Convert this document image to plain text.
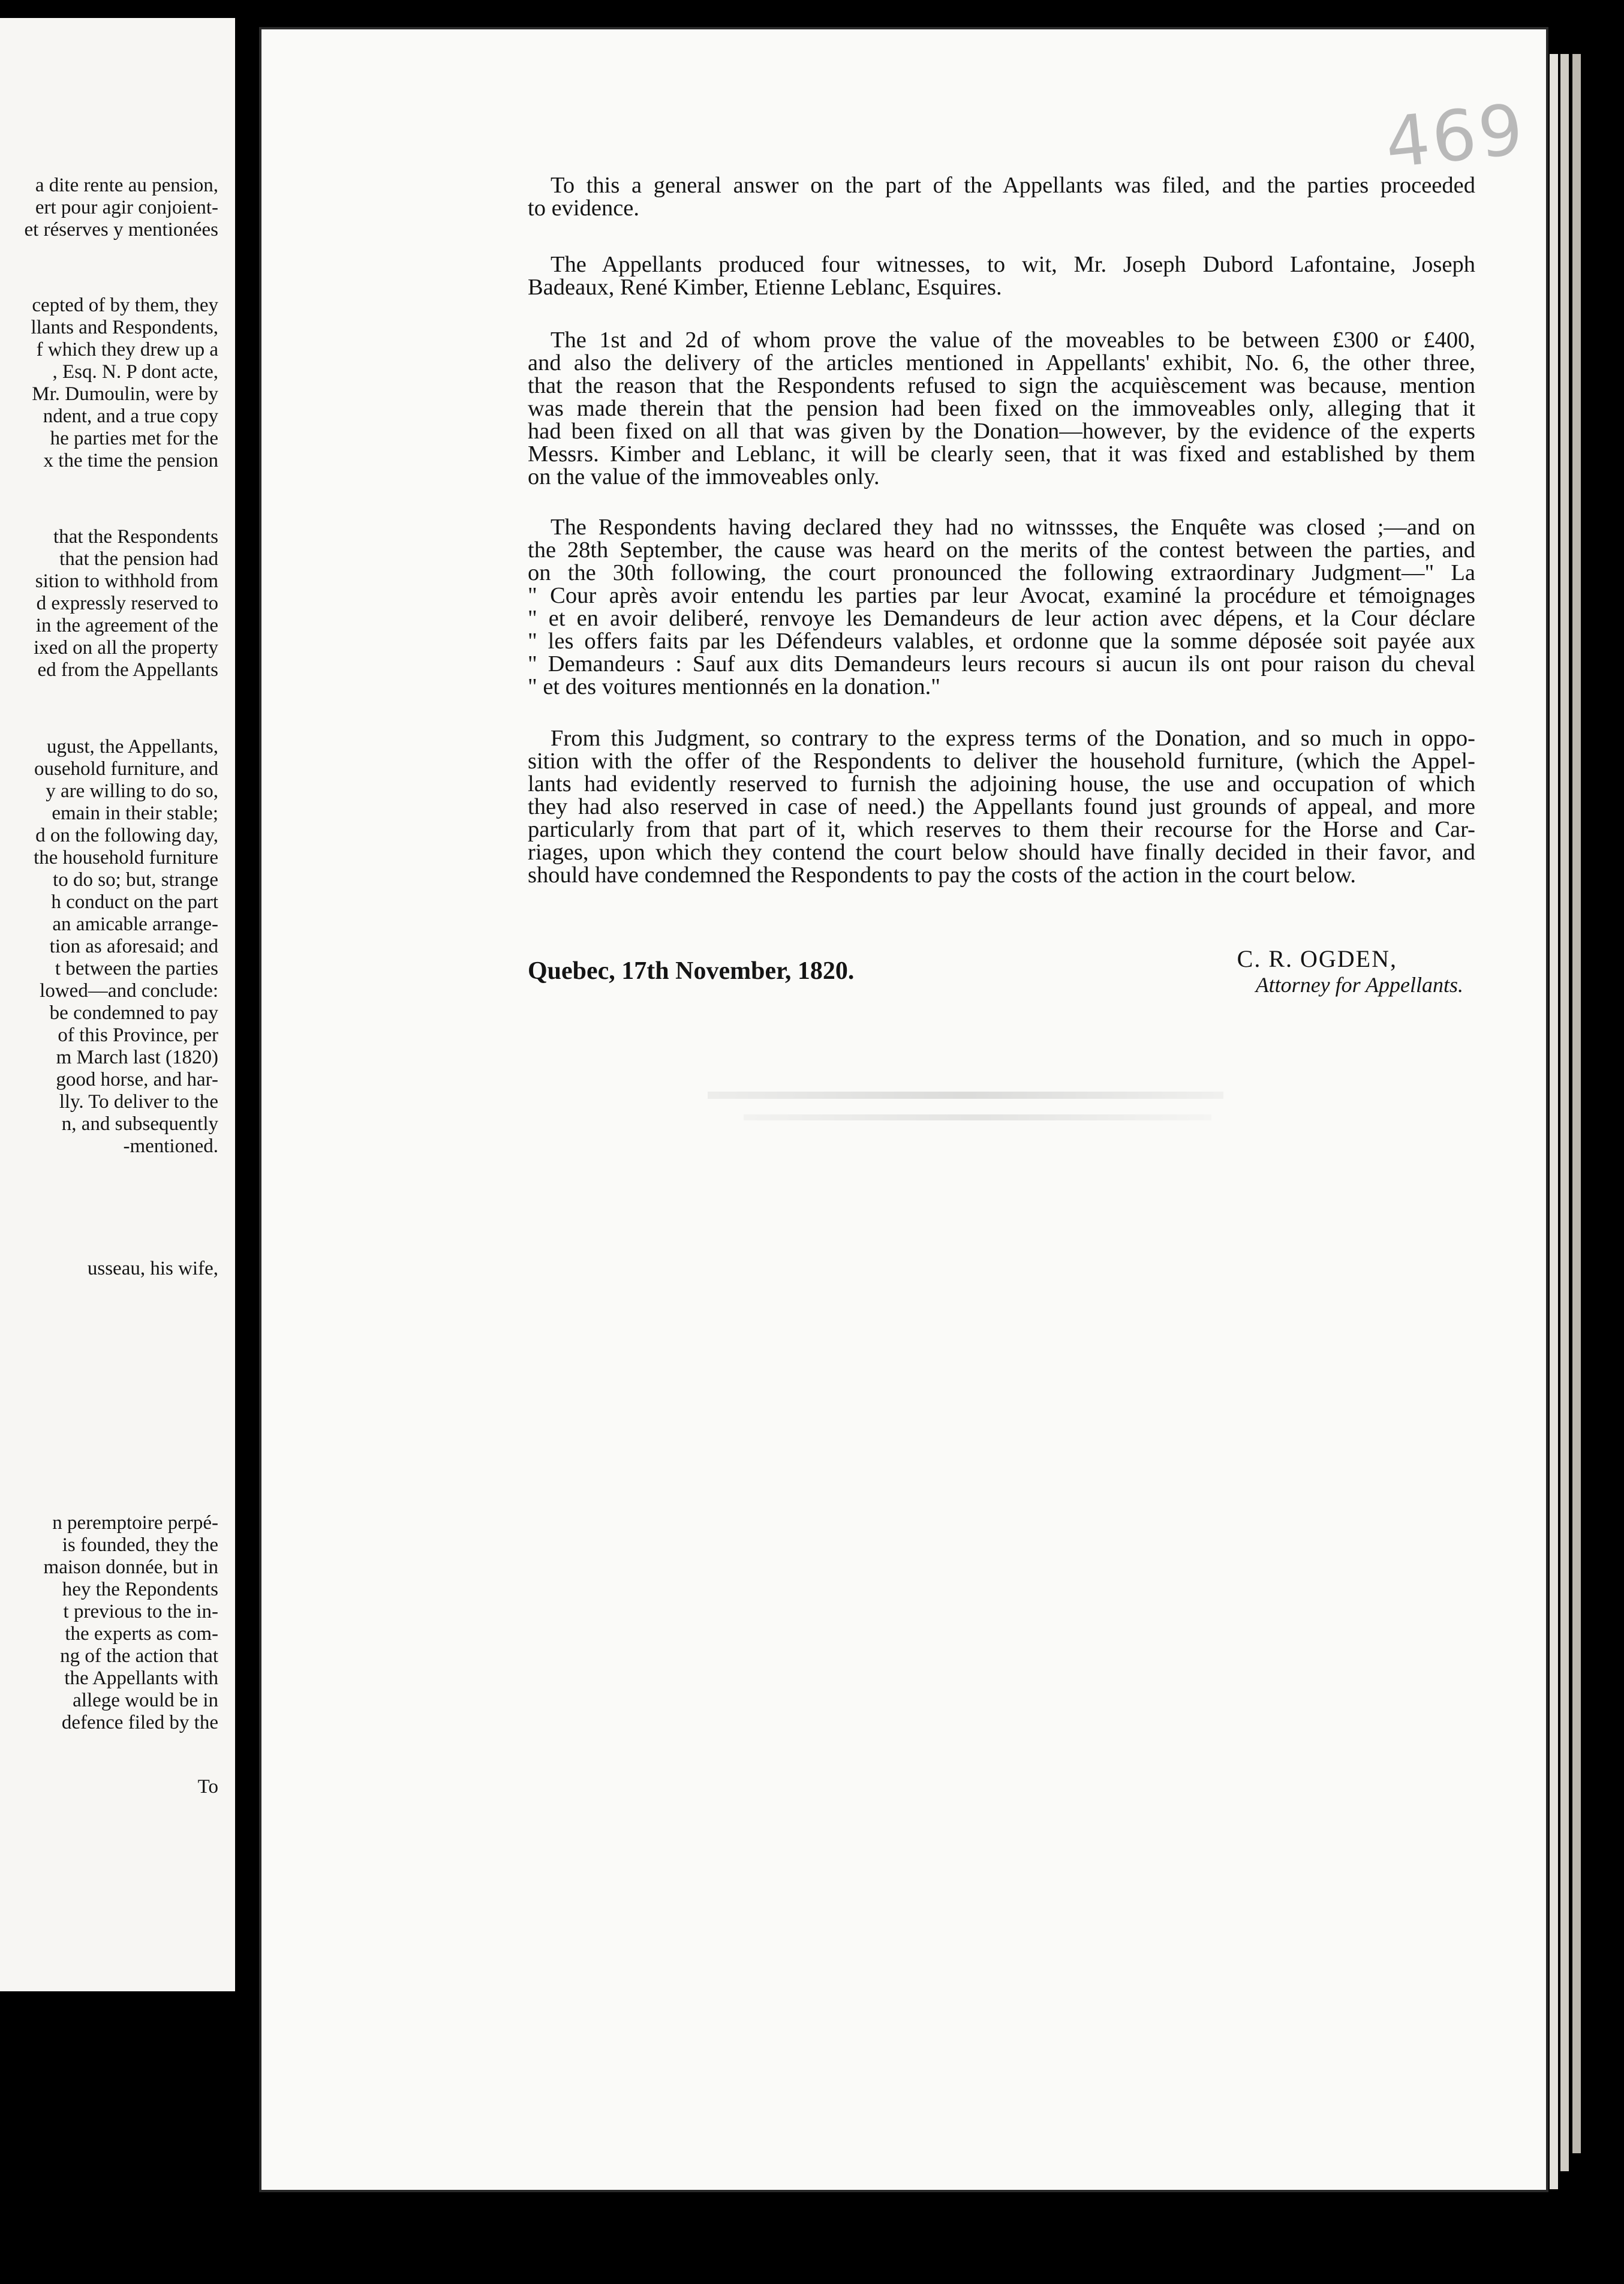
a dite rente au pension,
ert pour agir conjoient-
et réserves y mentionées
cepted of by them, they
llants and Respondents,
f which they drew up a
, Esq. N. P dont acte,
Mr. Dumoulin, were by
ndent, and a true copy
he parties met for the
x the time the pension
that the Respondents
that the pension had
sition to withhold from
d expressly reserved to
in the agreement of the
ixed on all the property
ed from the Appellants
ugust, the Appellants,
ousehold furniture, and
y are willing to do so,
emain in their stable;
d on the following day,
the household furniture
to do so; but, strange
h conduct on the part
an amicable arrange-
tion as aforesaid; and
t between the parties
lowed—and conclude:
be condemned to pay
of this Province, per
m March last (1820)
good horse, and har-
lly. To deliver to the
n, and subsequently
-mentioned.
usseau, his wife,
n peremptoire perpé-
is founded, they the
maison donnée, but in
hey the Repondents
t previous to the in-
the experts as com-
ng of the action that
the Appellants with
allege would be in
defence filed by the
To
469
To this a general answer on the part of the Appellants was filed, and the parties proceeded
to evidence.
The Appellants produced four witnesses, to wit, Mr. Joseph Dubord Lafontaine, Joseph
Badeaux, René Kimber, Etienne Leblanc, Esquires.
The 1st and 2d of whom prove the value of the moveables to be between £300 or £400,
and also the delivery of the articles mentioned in Appellants' exhibit, No. 6, the other three,
that the reason that the Respondents refused to sign the acquièscement was because, mention
was made therein that the pension had been fixed on the immoveables only, alleging that it
had been fixed on all that was given by the Donation—however, by the evidence of the experts
Messrs. Kimber and Leblanc, it will be clearly seen, that it was fixed and established by them
on the value of the immoveables only.
The Respondents having declared they had no witnssses, the Enquête was closed ;—and on
the 28th September, the cause was heard on the merits of the contest between the parties, and
on the 30th following, the court pronounced the following extraordinary Judgment—" La
" Cour après avoir entendu les parties par leur Avocat, examiné la procédure et témoignages
" et en avoir deliberé, renvoye les Demandeurs de leur action avec dépens, et la Cour déclare
" les offers faits par les Défendeurs valables, et ordonne que la somme déposée soit payée aux
" Demandeurs : Sauf aux dits Demandeurs leurs recours si aucun ils ont pour raison du cheval
" et des voitures mentionnés en la donation."
From this Judgment, so contrary to the express terms of the Donation, and so much in oppo-
sition with the offer of the Respondents to deliver the household furniture, (which the Appel-
lants had evidently reserved to furnish the adjoining house, the use and occupation of which
they had also reserved in case of need.) the Appellants found just grounds of appeal, and more
particularly from that part of it, which reserves to them their recourse for the Horse and Car-
riages, upon which they contend the court below should have finally decided in their favor, and
should have condemned the Respondents to pay the costs of the action in the court below.
Quebec, 17th November, 1820.	C. R. OGDEN,
Attorney for Appellants.
